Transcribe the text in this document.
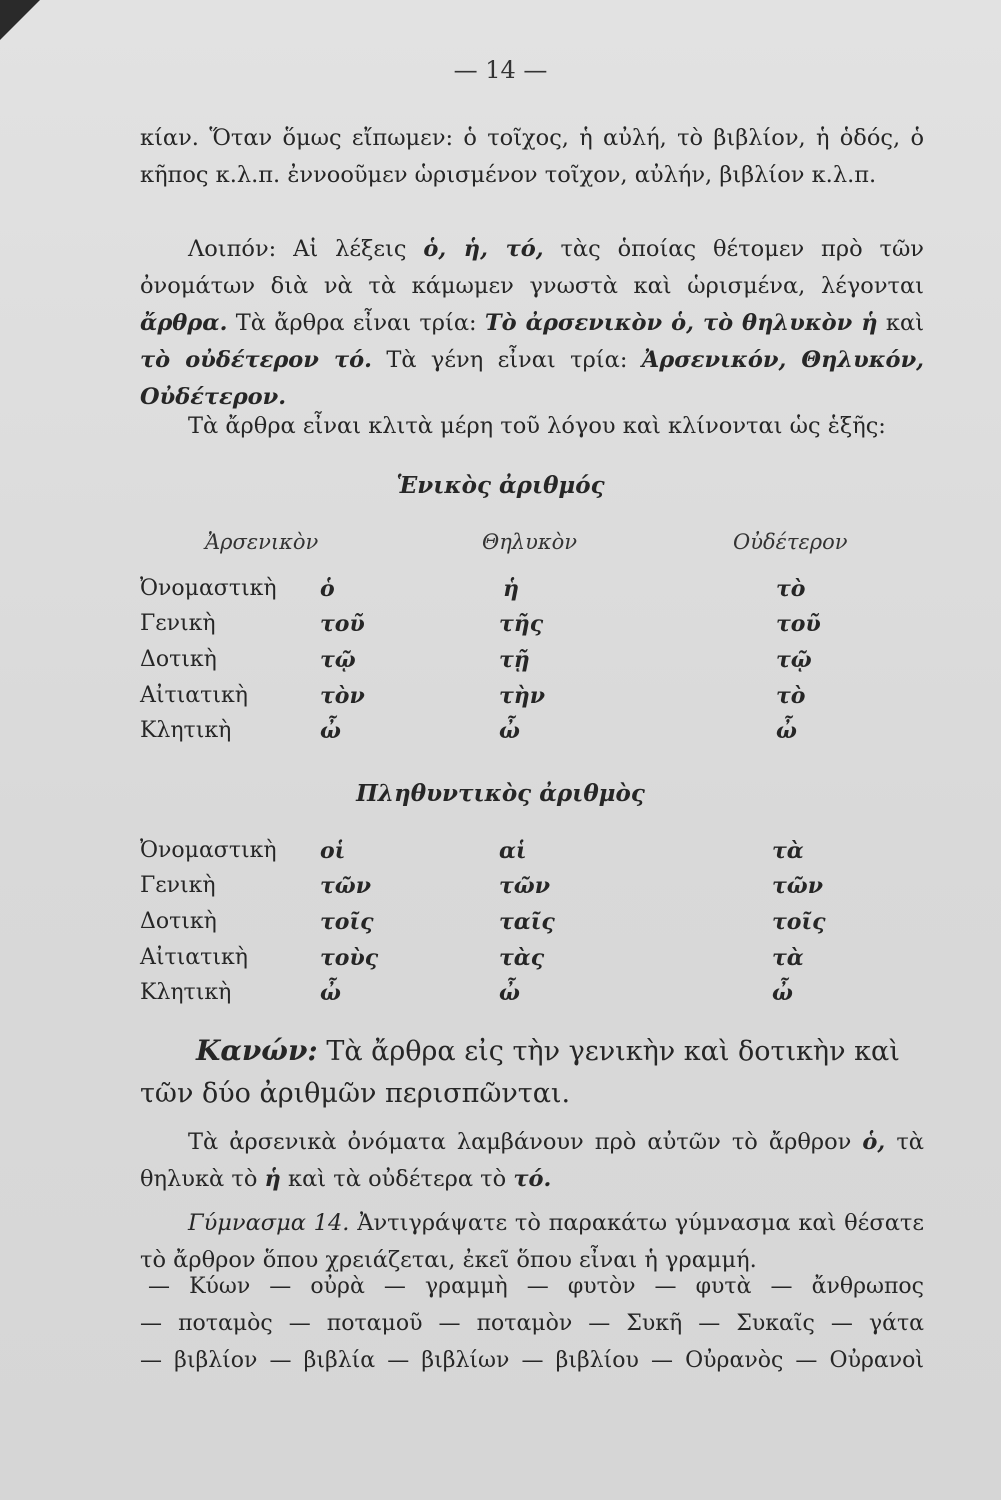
— 14 —

κίαν. Ὅταν ὅμως εἴπωμεν: ὁ τοῖχος, ἡ αὐλή, τὸ βιβλίον, ἡ ὁδός, ὁ κῆπος κ.λ.π. ἐννοοῦμεν ὡρισμένον τοῖχον, αὐλήν, βιβλίον κ.λ.π.

Λοιπόν: Αἱ λέξεις ὁ, ἡ, τό, τὰς ὁποίας θέτομεν πρὸ τῶν ὀνομάτων διὰ νὰ τὰ κάμωμεν γνωστὰ καὶ ὡρισμένα, λέγονται ἄρθρα. Τὰ ἄρθρα εἶναι τρία: Τὸ ἀρσενικὸν ὁ, τὸ θηλυκὸν ἡ καὶ τὸ οὐδέτερον τό. Τὰ γένη εἶναι τρία: Ἀρσενικόν, Θηλυκόν, Οὐδέτερον.

Τὰ ἄρθρα εἶναι κλιτὰ μέρη τοῦ λόγου καὶ κλίνονται ὡς ἑξῆς:

Ἑνικὸς ἀριθμός
Ἀρσενικὸν	Θηλυκὸν	Οὐδέτερον
Ὀνομαστικὴ ὁ	ἡ	τὸ
Γενικὴ	τοῦ	τῆς	τοῦ
Δοτικὴ	τῷ	τῇ	τῷ
Αἰτιατικὴ	τὸν	τὴν	τὸ
Κλητικὴ	ὦ	ὦ	ὦ
Πληθυντικὸς ἀριθμὸς
Ὀνομαστικὴ οἱ	αἱ	τὰ
Γενικὴ	τῶν	τῶν	τῶν
Δοτικὴ	τοῖς	ταῖς	τοῖς
Αἰτιατικὴ	τοὺς	τὰς	τὰ
Κλητικὴ	ὦ	ὦ	ὦ

Κανών: Τὰ ἄρθρα εἰς τὴν γενικὴν καὶ δοτικὴν καὶ τῶν δύο ἀριθμῶν περισπῶνται.

Τὰ ἀρσενικὰ ὀνόματα λαμβάνουν πρὸ αὐτῶν τὸ ἄρθρον ὁ, τὰ θηλυκὰ τὸ ἡ καὶ τὰ οὐδέτερα τὸ τό.

Γύμνασμα 14. Ἀντιγράψατε τὸ παρακάτω γύμνασμα καὶ θέσατε τὸ ἄρθρον ὅπου χρειάζεται, ἐκεῖ ὅπου εἶναι ἡ γραμμή.

— Κύων — οὐρὰ — γραμμὴ — φυτὸν — φυτὰ — ἄνθρωπος

— ποταμὸς — ποταμοῦ — ποταμὸν — Συκῆ — Συκαῖς — γάτα

— βιβλίον — βιβλία — βιβλίων — βιβλίου — Οὐρανὸς — Οὐρανοὶ
